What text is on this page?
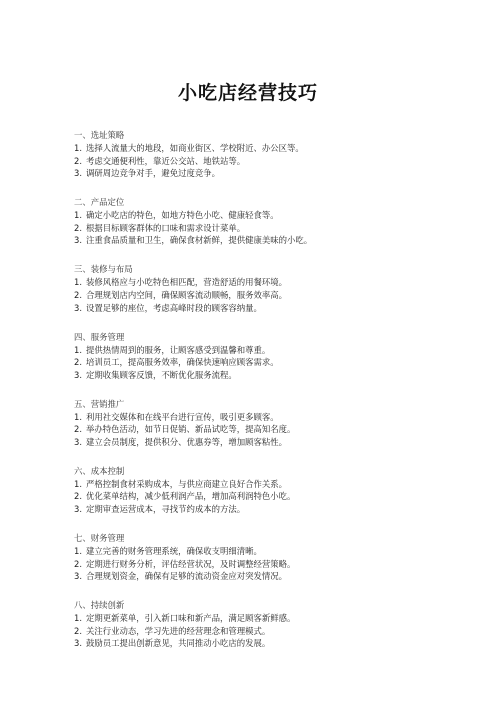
小吃店经营技巧
一、选址策略
1. 选择人流量大的地段，如商业街区、学校附近、办公区等。
2. 考虑交通便利性，靠近公交站、地铁站等。
3. 调研周边竞争对手，避免过度竞争。
二、产品定位
1. 确定小吃店的特色，如地方特色小吃、健康轻食等。
2. 根据目标顾客群体的口味和需求设计菜单。
3. 注重食品质量和卫生，确保食材新鲜，提供健康美味的小吃。
三、装修与布局
1. 装修风格应与小吃特色相匹配，营造舒适的用餐环境。
2. 合理规划店内空间，确保顾客流动顺畅，服务效率高。
3. 设置足够的座位，考虑高峰时段的顾客容纳量。
四、服务管理
1. 提供热情周到的服务，让顾客感受到温馨和尊重。
2. 培训员工，提高服务效率，确保快速响应顾客需求。
3. 定期收集顾客反馈，不断优化服务流程。
五、营销推广
1. 利用社交媒体和在线平台进行宣传，吸引更多顾客。
2. 举办特色活动，如节日促销、新品试吃等，提高知名度。
3. 建立会员制度，提供积分、优惠券等，增加顾客粘性。
六、成本控制
1. 严格控制食材采购成本，与供应商建立良好合作关系。
2. 优化菜单结构，减少低利润产品，增加高利润特色小吃。
3. 定期审查运营成本，寻找节约成本的方法。
七、财务管理
1. 建立完善的财务管理系统，确保收支明细清晰。
2. 定期进行财务分析，评估经营状况，及时调整经营策略。
3. 合理规划资金，确保有足够的流动资金应对突发情况。
八、持续创新
1. 定期更新菜单，引入新口味和新产品，满足顾客新鲜感。
2. 关注行业动态，学习先进的经营理念和管理模式。
3. 鼓励员工提出创新意见，共同推动小吃店的发展。
